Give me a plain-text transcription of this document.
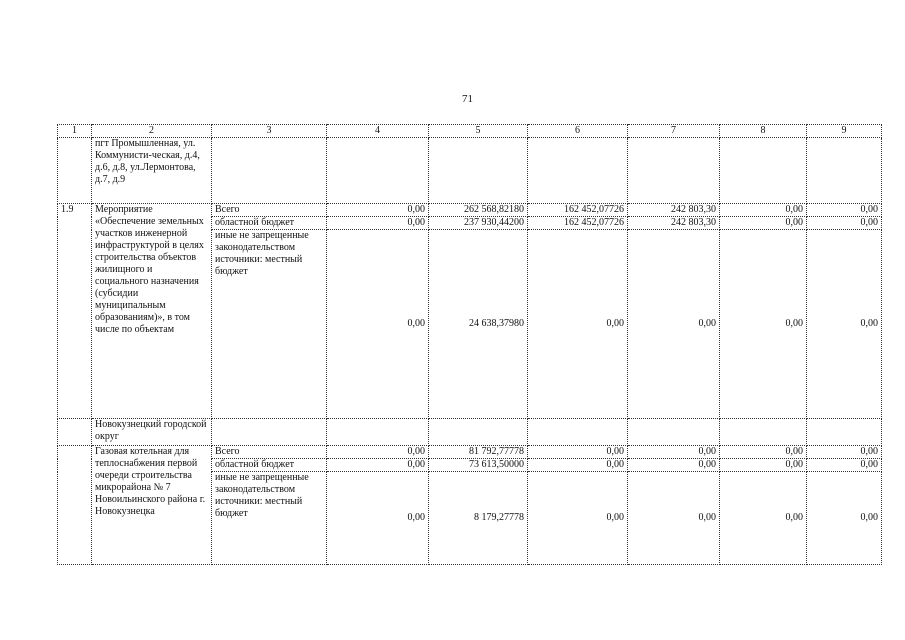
71
1	2	3	4	5	6	7	8	9
	пгт Промышленная, ул. Коммунисти-ческая, д.4, д.6, д.8, ул.Лермонтова, д.7, д.9							
1.9	Мероприятие «Обеспечение земельных участков инженерной инфраструктурой в целях строительства объектов жилищного и социального назначения (субсидии муниципальным образованиям)», в том числе по объектам	Всего	0,00	262 568,82180	162 452,07726	242 803,30	0,00	0,00
		областной бюджет	0,00	237 930,44200	162 452,07726	242 803,30	0,00	0,00
		иные не запрещенные законодательством источники: местный бюджет	0,00	24 638,37980	0,00	0,00	0,00	0,00
	Новокузнецкий городской округ							
	Газовая котельная для теплоснабжения первой очереди строительства микрорайона № 7 Новоильинского района г. Новокузнецка	Всего	0,00	81 792,77778	0,00	0,00	0,00	0,00
		областной бюджет	0,00	73 613,50000	0,00	0,00	0,00	0,00
		иные не запрещенные законодательством источники: местный бюджет	0,00	8 179,27778	0,00	0,00	0,00	0,00
